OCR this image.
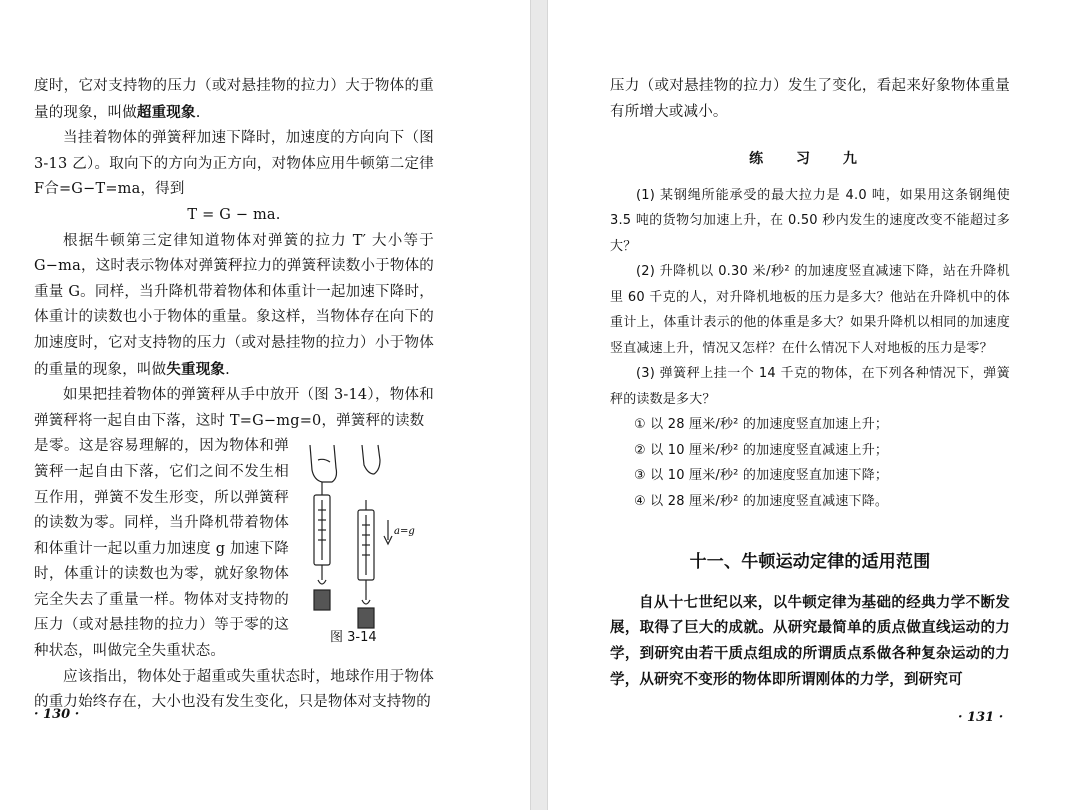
度时，它对支持物的压力（或对悬挂物的拉力）大于物体的重量的现象，叫做超重现象.

当挂着物体的弹簧秤加速下降时，加速度的方向向下（图 3-13 乙）。取向下的方向为正方向，对物体应用牛顿第二定律 F合=G−T=ma，得到

T = G − ma.

根据牛顿第三定律知道物体对弹簧的拉力 T′ 大小等于 G−ma，这时表示物体对弹簧秤拉力的弹簧秤读数小于物体的重量 G。同样，当升降机带着物体和体重计一起加速下降时，体重计的读数也小于物体的重量。象这样，当物体存在向下的加速度时，它对支持物的压力（或对悬挂物的拉力）小于物体的重量的现象，叫做失重现象.

如果把挂着物体的弹簧秤从手中放开（图 3-14），物体和弹簧秤将一起自由下落，这时 T=G−mg=0，弹簧秤的读数

是零。这是容易理解的，因为物体和弹簧秤一起自由下落，它们之间不发生相互作用，弹簧不发生形变，所以弹簧秤的读数为零。同样，当升降机带着物体和体重计一起以重力加速度 g 加速下降时，体重计的读数也为零，就好象物体完全失去了重量一样。物体对支持物的压力（或对悬挂物的拉力）等于零的这种状态，叫做完全失重状态。

应该指出，物体处于超重或失重状态时，地球作用于物体的重力始终存在，大小也没有发生变化，只是物体对支持物的

a=g
图 3-14
· 130 ·

压力（或对悬挂物的拉力）发生了变化，看起来好象物体重量有所增大或减小。

练 习 九

(1) 某钢绳所能承受的最大拉力是 4.0 吨，如果用这条钢绳使 3.5 吨的货物匀加速上升，在 0.50 秒内发生的速度改变不能超过多大？

(2) 升降机以 0.30 米/秒² 的加速度竖直减速下降，站在升降机里 60 千克的人，对升降机地板的压力是多大？他站在升降机中的体重计上，体重计表示的他的体重是多大？如果升降机以相同的加速度竖直减速上升，情况又怎样？在什么情况下人对地板的压力是零？

(3) 弹簧秤上挂一个 14 千克的物体，在下列各种情况下，弹簧秤的读数是多大？

① 以 28 厘米/秒² 的加速度竖直加速上升；

② 以 10 厘米/秒² 的加速度竖直减速上升；

③ 以 10 厘米/秒² 的加速度竖直加速下降；

④ 以 28 厘米/秒² 的加速度竖直减速下降。

十一、牛顿运动定律的适用范围

自从十七世纪以来，以牛顿定律为基础的经典力学不断发展，取得了巨大的成就。从研究最简单的质点做直线运动的力学，到研究由若干质点组成的所谓质点系做各种复杂运动的力学，从研究不变形的物体即所谓刚体的力学，到研究可

· 131 ·
